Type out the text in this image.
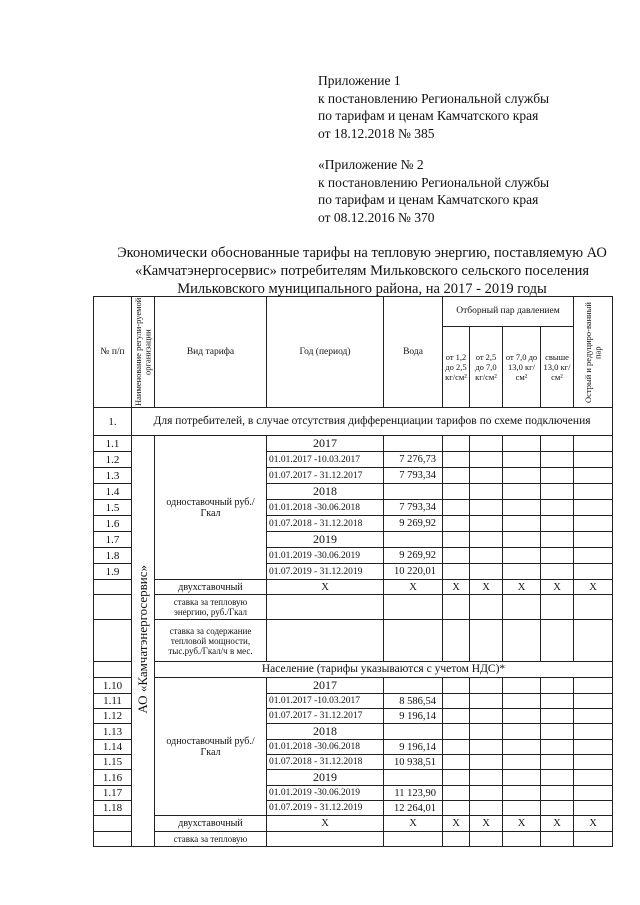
Приложение 1
к постановлению Региональной службы
по тарифам и ценам Камчатского края
от 18.12.2018 № 385
«Приложение № 2
к постановлению Региональной службы
по тарифам и ценам Камчатского края
от 08.12.2016 № 370
Экономически обоснованные тарифы на тепловую энергию, поставляемую АО
«Камчатэнергосервис» потребителям Мильковского сельского поселения
Мильковского муниципального района, на 2017 - 2019 годы
№ п/п	Наименование регули-руемой организации	Вид тарифа	Год (период)	Вода	Отборный пар давлением				Острый и редуциро-ванный пар

					от 1,2 до 2,5 кг/см²	от 2,5 до 7,0 кг/см²	от 7,0 до 13,0 кг/см²	свыше 13,0 кг/см²	
1.	Для потребителей, в случае отсутствия дифференциации тарифов по схеме подключения								
1.1	АО «Камчатэнергосервис»	одноставочный руб./Гкал	2017						
1.2			01.01.2017 -10.03.2017	7 276,73					
1.3			01.07.2017 - 31.12.2017	7 793,34					
1.4			2018						
1.5			01.01.2018 -30.06.2018	7 793,34					
1.6			01.07.2018 - 31.12.2018	9 269,92					
1.7			2019						
1.8			01.01.2019 -30.06.2019	9 269,92					
1.9			01.07.2019 - 31.12.2019	10 220,01					
		двухставочный	X	X	X	X	X	X	X
		ставка за тепловую энергию, руб./Гкал							
		ставка за содержание тепловой мощности, тыс.руб./Гкал/ч в мес.							
		Население (тарифы указываются с учетом НДС)*							
1.10		одноставочный руб./Гкал	2017						
1.11			01.01.2017 -10.03.2017	8 586,54					
1.12			01.07.2017 - 31.12.2017	9 196,14					
1.13			2018						
1.14			01.01.2018 -30.06.2018	9 196,14					
1.15			01.07.2018 - 31.12.2018	10 938,51					
1.16			2019						
1.17			01.01.2019 -30.06.2019	11 123,90					
1.18			01.07.2019 - 31.12.2019	12 264,01					
		двухставочный	X	X	X	X	X	X	X
		ставка за тепловую							
